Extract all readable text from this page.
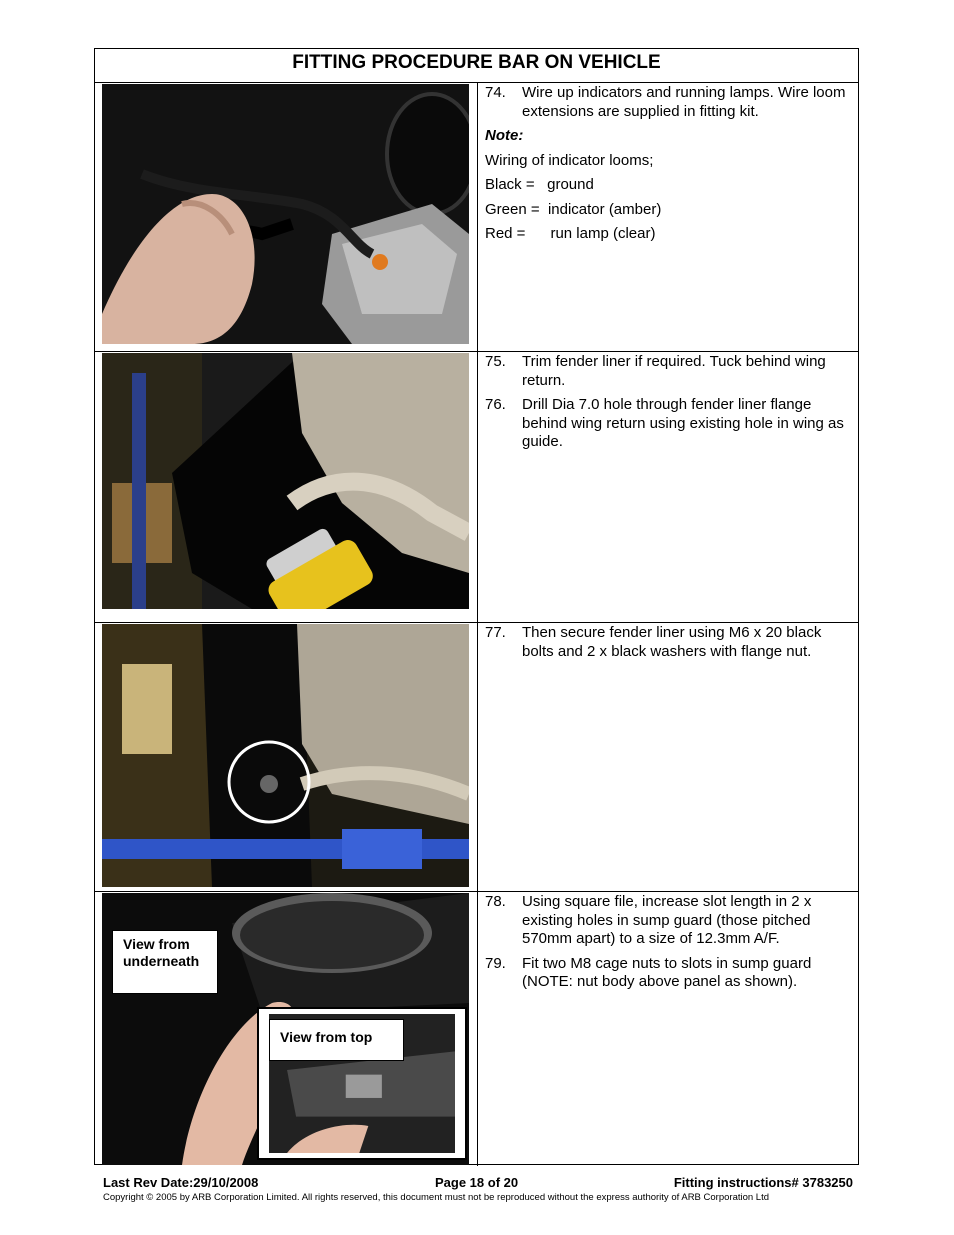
FITTING PROCEDURE BAR ON VEHICLE
74. Wire up indicators and running lamps. Wire loom extensions are supplied in fitting kit.
Note:
Wiring of indicator looms;
Black =   ground
Green =  indicator (amber)
Red =      run lamp (clear)
75. Trim fender liner if required. Tuck behind wing return.
76. Drill Dia 7.0 hole through fender liner flange behind wing return using existing hole in wing as guide.
77. Then secure fender liner using M6 x 20 black bolts and 2 x black washers with flange nut.
View from underneath
View from top
78. Using square file, increase slot length in 2 x existing holes in sump guard (those pitched 570mm apart) to a size of 12.3mm A/F.
79. Fit two M8 cage nuts to slots in sump guard (NOTE: nut body above panel as shown).
Last Rev Date:29/10/2008	Page 18 of 20	Fitting instructions# 3783250
Copyright © 2005 by ARB Corporation Limited. All rights reserved, this document must not be reproduced without the express authority of ARB Corporation Ltd
